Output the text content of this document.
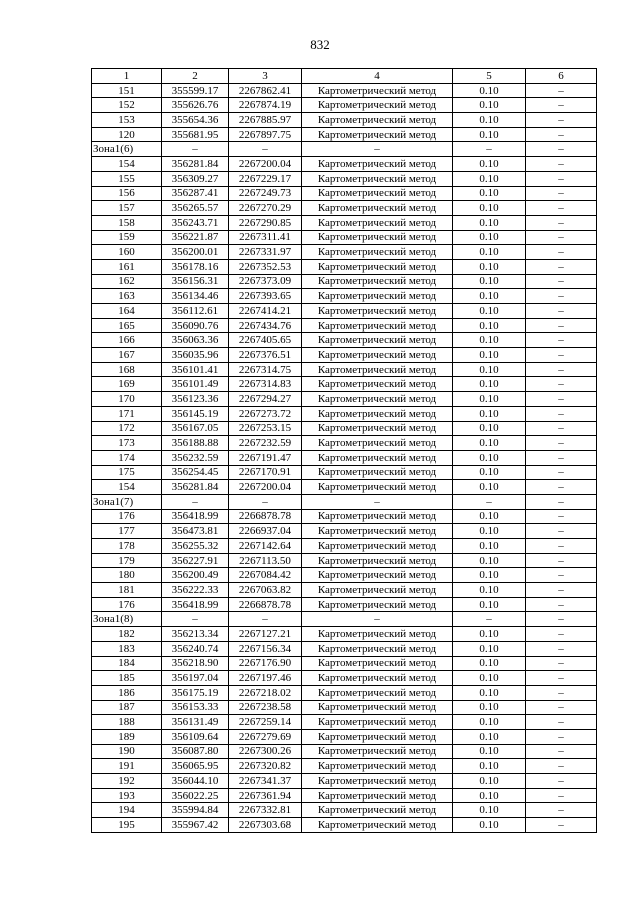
832
1	2	3	4	5	6
151	355599.17	2267862.41	Картометрический метод	0.10	–
152	355626.76	2267874.19	Картометрический метод	0.10	–
153	355654.36	2267885.97	Картометрический метод	0.10	–
120	355681.95	2267897.75	Картометрический метод	0.10	–
Зона1(6)	–	–	–	–	–
154	356281.84	2267200.04	Картометрический метод	0.10	–
155	356309.27	2267229.17	Картометрический метод	0.10	–
156	356287.41	2267249.73	Картометрический метод	0.10	–
157	356265.57	2267270.29	Картометрический метод	0.10	–
158	356243.71	2267290.85	Картометрический метод	0.10	–
159	356221.87	2267311.41	Картометрический метод	0.10	–
160	356200.01	2267331.97	Картометрический метод	0.10	–
161	356178.16	2267352.53	Картометрический метод	0.10	–
162	356156.31	2267373.09	Картометрический метод	0.10	–
163	356134.46	2267393.65	Картометрический метод	0.10	–
164	356112.61	2267414.21	Картометрический метод	0.10	–
165	356090.76	2267434.76	Картометрический метод	0.10	–
166	356063.36	2267405.65	Картометрический метод	0.10	–
167	356035.96	2267376.51	Картометрический метод	0.10	–
168	356101.41	2267314.75	Картометрический метод	0.10	–
169	356101.49	2267314.83	Картометрический метод	0.10	–
170	356123.36	2267294.27	Картометрический метод	0.10	–
171	356145.19	2267273.72	Картометрический метод	0.10	–
172	356167.05	2267253.15	Картометрический метод	0.10	–
173	356188.88	2267232.59	Картометрический метод	0.10	–
174	356232.59	2267191.47	Картометрический метод	0.10	–
175	356254.45	2267170.91	Картометрический метод	0.10	–
154	356281.84	2267200.04	Картометрический метод	0.10	–
Зона1(7)	–	–	–	–	–
176	356418.99	2266878.78	Картометрический метод	0.10	–
177	356473.81	2266937.04	Картометрический метод	0.10	–
178	356255.32	2267142.64	Картометрический метод	0.10	–
179	356227.91	2267113.50	Картометрический метод	0.10	–
180	356200.49	2267084.42	Картометрический метод	0.10	–
181	356222.33	2267063.82	Картометрический метод	0.10	–
176	356418.99	2266878.78	Картометрический метод	0.10	–
Зона1(8)	–	–	–	–	–
182	356213.34	2267127.21	Картометрический метод	0.10	–
183	356240.74	2267156.34	Картометрический метод	0.10	–
184	356218.90	2267176.90	Картометрический метод	0.10	–
185	356197.04	2267197.46	Картометрический метод	0.10	–
186	356175.19	2267218.02	Картометрический метод	0.10	–
187	356153.33	2267238.58	Картометрический метод	0.10	–
188	356131.49	2267259.14	Картометрический метод	0.10	–
189	356109.64	2267279.69	Картометрический метод	0.10	–
190	356087.80	2267300.26	Картометрический метод	0.10	–
191	356065.95	2267320.82	Картометрический метод	0.10	–
192	356044.10	2267341.37	Картометрический метод	0.10	–
193	356022.25	2267361.94	Картометрический метод	0.10	–
194	355994.84	2267332.81	Картометрический метод	0.10	–
195	355967.42	2267303.68	Картометрический метод	0.10	–
